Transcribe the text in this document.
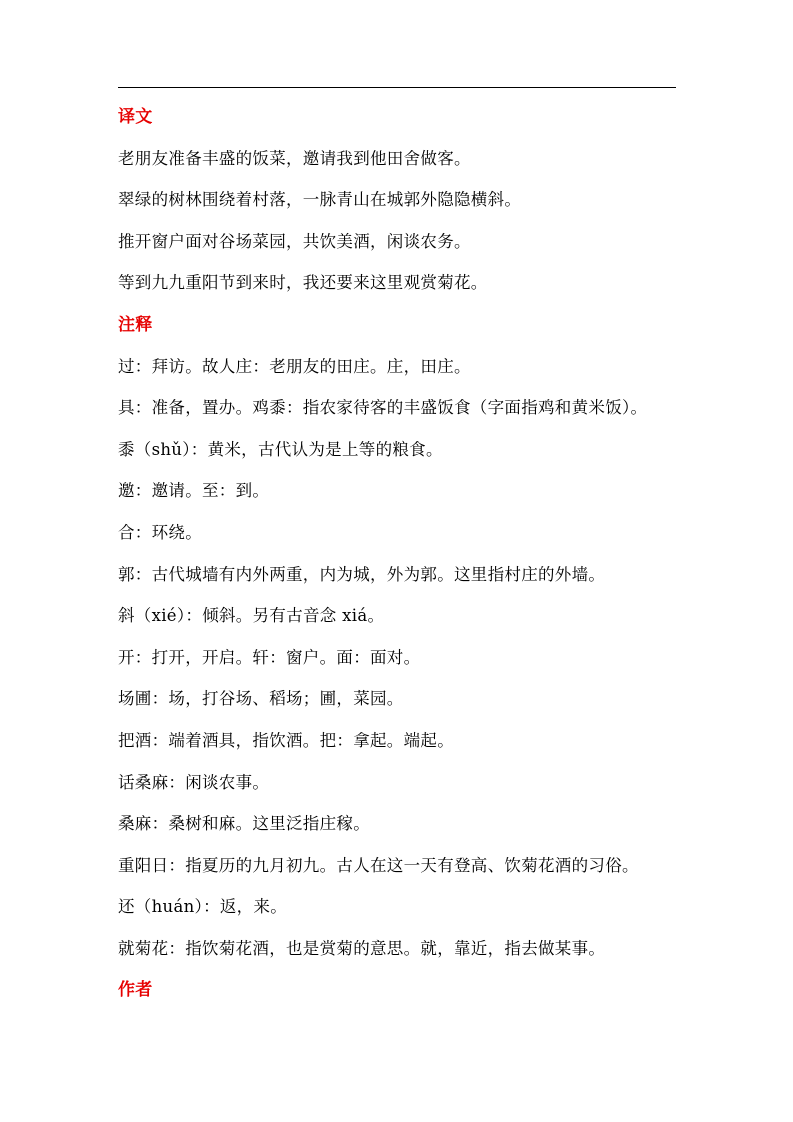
译文
老朋友准备丰盛的饭菜，邀请我到他田舍做客。
翠绿的树林围绕着村落，一脉青山在城郭外隐隐横斜。
推开窗户面对谷场菜园，共饮美酒，闲谈农务。
等到九九重阳节到来时，我还要来这里观赏菊花。
注释
过：拜访。故人庄：老朋友的田庄。庄，田庄。
具：准备，置办。鸡黍：指农家待客的丰盛饭食（字面指鸡和黄米饭）。
黍（shǔ）：黄米，古代认为是上等的粮食。
邀：邀请。至：到。
合：环绕。
郭：古代城墙有内外两重，内为城，外为郭。这里指村庄的外墙。
斜（xié）：倾斜。另有古音念 xiá。
开：打开，开启。轩：窗户。面：面对。
场圃：场，打谷场、稻场；圃，菜园。
把酒：端着酒具，指饮酒。把：拿起。端起。
话桑麻：闲谈农事。
桑麻：桑树和麻。这里泛指庄稼。
重阳日：指夏历的九月初九。古人在这一天有登高、饮菊花酒的习俗。
还（huán）：返，来。
就菊花：指饮菊花酒，也是赏菊的意思。就，靠近，指去做某事。
作者
